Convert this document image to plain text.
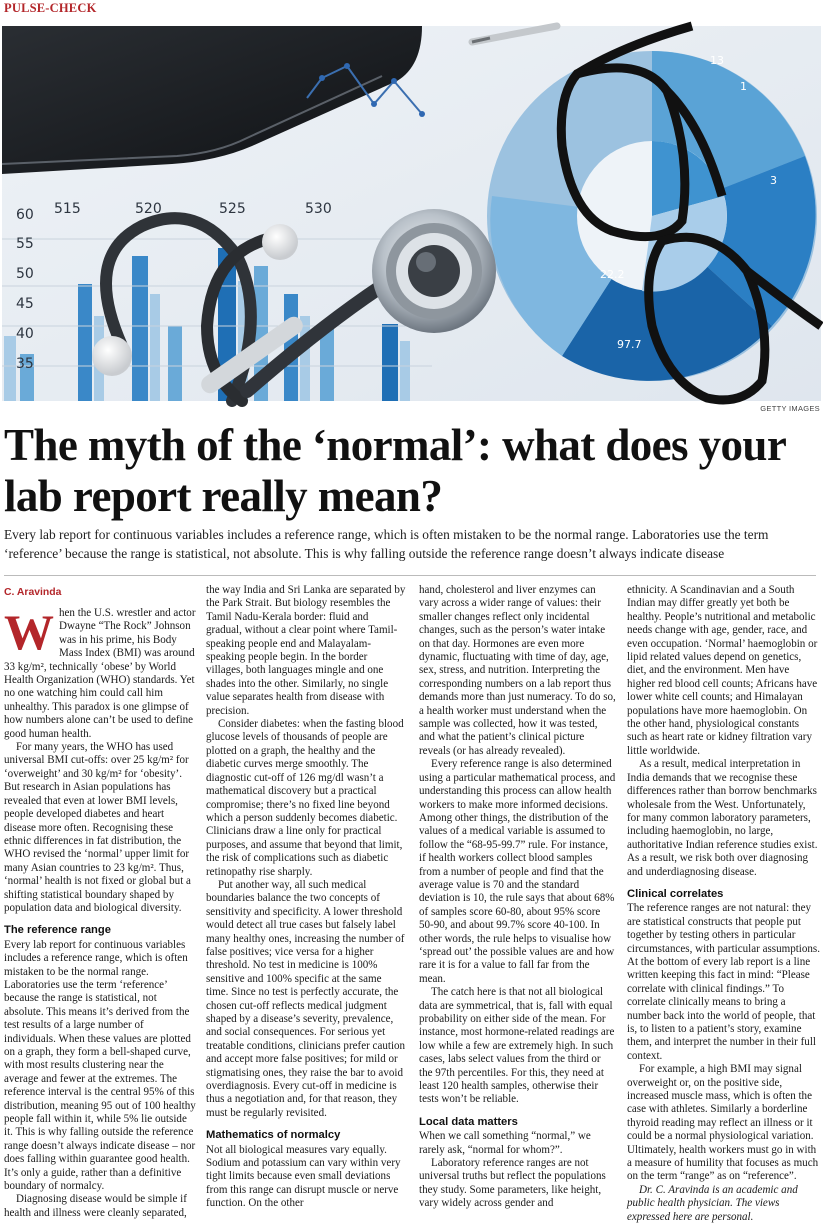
PULSE-CHECK
60 515	520	525	530
55
50
45
40
35
13
1
3
22.2
97.7
GETTY IMAGES
The myth of the ‘normal’: what does your lab report really mean?

Every lab report for continuous variables includes a reference range, which is often mistaken to be the normal range. Laboratories use the term ‘reference’ because the range is statistical, not absolute. This is why falling outside the reference range doesn’t always indicate disease

C. Aravinda

When the U.S. wrestler and actor Dwayne “The Rock” Johnson was in his prime, his Body Mass Index (BMI) was around 33 kg/m², technically ‘obese’ by World Health Organization (WHO) standards. Yet no one watching him could call him unhealthy. This paradox is one glimpse of how numbers alone can’t be used to define good human health.

For many years, the WHO has used universal BMI cut-offs: over 25 kg/m² for ‘overweight’ and 30 kg/m² for ‘obesity’. But research in Asian populations has revealed that even at lower BMI levels, people developed diabetes and heart disease more often. Recognising these ethnic differences in fat distribution, the WHO revised the ‘normal’ upper limit for many Asian countries to 23 kg/m². Thus, ‘normal’ health is not fixed or global but a shifting statistical boundary shaped by population data and biological diversity.

The reference range

Every lab report for continuous variables includes a reference range, which is often mistaken to be the normal range. Laboratories use the term ‘reference’ because the range is statistical, not absolute. This means it’s derived from the test results of a large number of individuals. When these values are plotted on a graph, they form a bell-shaped curve, with most results clustering near the average and fewer at the extremes. The reference interval is the central 95% of this distribution, meaning 95 out of 100 healthy people fall within it, while 5% lie outside it. This is why falling outside the reference range doesn’t always indicate disease – nor does falling within guarantee good health. It’s only a guide, rather than a definitive boundary of normalcy.

Diagnosing disease would be simple if health and illness were cleanly separated,

the way India and Sri Lanka are separated by the Park Strait. But biology resembles the Tamil Nadu-Kerala border: fluid and gradual, without a clear point where Tamil-speaking people end and Malayalam-speaking people begin. In the border villages, both languages mingle and one shades into the other. Similarly, no single value separates health from disease with precision.

Consider diabetes: when the fasting blood glucose levels of thousands of people are plotted on a graph, the healthy and the diabetic curves merge smoothly. The diagnostic cut-off of 126 mg/dl wasn’t a mathematical discovery but a practical compromise; there’s no fixed line beyond which a person suddenly becomes diabetic. Clinicians draw a line only for practical purposes, and assume that beyond that limit, the risk of complications such as diabetic retinopathy rise sharply.

Put another way, all such medical boundaries balance the two concepts of sensitivity and specificity. A lower threshold would detect all true cases but falsely label many healthy ones, increasing the number of false positives; vice versa for a higher threshold. No test in medicine is 100% sensitive and 100% specific at the same time. Since no test is perfectly accurate, the chosen cut-off reflects medical judgment shaped by a disease’s severity, prevalence, and social consequences. For serious yet treatable conditions, clinicians prefer caution and accept more false positives; for mild or stigmatising ones, they raise the bar to avoid overdiagnosis. Every cut-off in medicine is thus a negotiation and, for that reason, they must be regularly revisited.

Mathematics of normalcy

Not all biological measures vary equally. Sodium and potassium can vary within very tight limits because even small deviations from this range can disrupt muscle or nerve function. On the other

hand, cholesterol and liver enzymes can vary across a wider range of values: their smaller changes reflect only incidental changes, such as the person’s water intake on that day. Hormones are even more dynamic, fluctuating with time of day, age, sex, stress, and nutrition. Interpreting the corresponding numbers on a lab report thus demands more than just numeracy. To do so, a health worker must understand when the sample was collected, how it was tested, and what the patient’s clinical picture reveals (or has already revealed).

Every reference range is also determined using a particular mathematical process, and understanding this process can allow health workers to make more informed decisions. Among other things, the distribution of the values of a medical variable is assumed to follow the “68-95-99.7” rule. For instance, if health workers collect blood samples from a number of people and find that the average value is 70 and the standard deviation is 10, the rule says that about 68% of samples score 60-80, about 95% score 50-90, and about 99.7% score 40-100. In other words, the rule helps to visualise how ‘spread out’ the possible values are and how rare it is for a value to fall far from the mean.

The catch here is that not all biological data are symmetrical, that is, fall with equal probability on either side of the mean. For instance, most hormone-related readings are low while a few are extremely high. In such cases, labs select values from the third or the 97th percentiles. For this, they need at least 120 health samples, otherwise their tests won’t be reliable.

Local data matters

When we call something “normal,” we rarely ask, “normal for whom?”.

Laboratory reference ranges are not universal truths but reflect the populations they study. Some parameters, like height, vary widely across gender and

ethnicity. A Scandinavian and a South Indian may differ greatly yet both be healthy. People’s nutritional and metabolic needs change with age, gender, race, and even occupation. ‘Normal’ haemoglobin or lipid related values depend on genetics, diet, and the environment. Men have higher red blood cell counts; Africans have lower white cell counts; and Himalayan populations have more haemoglobin. On the other hand, physiological constants such as heart rate or kidney filtration vary little worldwide.

As a result, medical interpretation in India demands that we recognise these differences rather than borrow benchmarks wholesale from the West. Unfortunately, for many common laboratory parameters, including haemoglobin, no large, authoritative Indian reference studies exist. As a result, we risk both over diagnosing and underdiagnosing disease.

Clinical correlates

The reference ranges are not natural: they are statistical constructs that people put together by testing others in particular circumstances, with particular assumptions. At the bottom of every lab report is a line written keeping this fact in mind: “Please correlate with clinical findings.” To correlate clinically means to bring a number back into the world of people, that is, to listen to a patient’s story, examine them, and interpret the number in their full context.

For example, a high BMI may signal overweight or, on the positive side, increased muscle mass, which is often the case with athletes. Similarly a borderline thyroid reading may reflect an illness or it could be a normal physiological variation. Ultimately, health workers must go in with a measure of humility that focuses as much on the term “range” as on “reference”.

Dr. C. Aravinda is an academic and public health physician. The views expressed here are personal.
